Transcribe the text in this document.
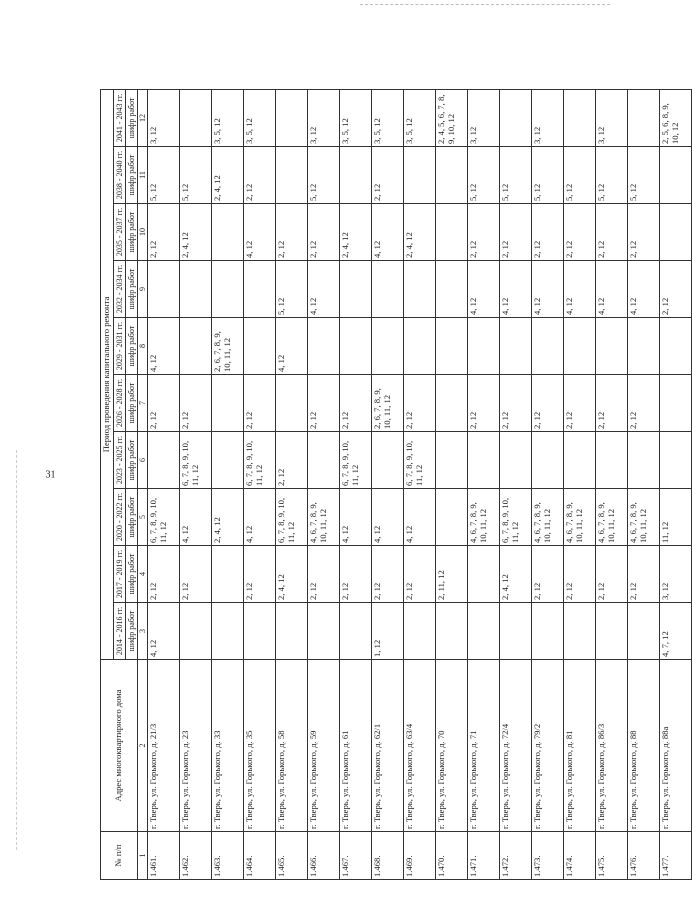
31
№ п/п	Адрес многоквартирного дома	Период проведения капитального ремонта									
		2014 - 2016 гг.	2017 - 2019 гг.	2020 - 2022 гг.	2023 - 2025 гг.	2026 - 2028 гг.	2029 - 2031 гг.	2032 - 2034 гг.	2035 - 2037 гг.	2038 - 2040 гг.	2041 - 2043 гг.
		шифр работ	шифр работ	шифр работ	шифр работ	шифр работ	шифр работ	шифр работ	шифр работ	шифр работ	шифр работ
1	2	3	4	5	6	7	8	9	10	11	12
1.461.	г. Тверь, ул. Горького, д. 21/3	4, 12	2, 12	6, 7, 8, 9, 10, 11, 12		2, 12	4, 12		2, 12	5, 12	3, 12
1.462.	г. Тверь, ул. Горького, д. 23		2, 12	4, 12	6, 7, 8, 9, 10, 11, 12	2, 12			2, 4, 12	5, 12	
1.463.	г. Тверь, ул. Горького, д. 33			2, 4, 12			2, 6, 7, 8, 9, 10, 11, 12			2, 4, 12	3, 5, 12
1.464.	г. Тверь, ул. Горького, д. 35		2, 12	4, 12	6, 7, 8, 9, 10, 11, 12	2, 12			4, 12	2, 12	3, 5, 12
1.465.	г. Тверь, ул. Горького, д. 58		2, 4, 12	6, 7, 8, 9, 10, 11, 12	2, 12		4, 12	5, 12	2, 12		
1.466.	г. Тверь, ул. Горького, д. 59		2, 12	4, 6, 7, 8, 9, 10, 11, 12		2, 12		4, 12	2, 12	5, 12	3, 12
1.467.	г. Тверь, ул. Горького, д. 61		2, 12	4, 12	6, 7, 8, 9, 10, 11, 12	2, 12			2, 4, 12		3, 5, 12
1.468.	г. Тверь, ул. Горького, д. 62/1	1, 12	2, 12	4, 12		2, 6, 7, 8, 9, 10, 11, 12			4, 12	2, 12	3, 5, 12
1.469.	г. Тверь, ул. Горького, д. 63/4		2, 12	4, 12	6, 7, 8, 9, 10, 11, 12	2, 12			2, 4, 12		3, 5, 12
1.470.	г. Тверь, ул. Горького, д. 70		2, 11, 12								2, 4, 5, 6, 7, 8, 9, 10, 12
1.471.	г. Тверь, ул. Горького, д. 71			4, 6, 7, 8, 9, 10, 11, 12		2, 12		4, 12	2, 12	5, 12	3, 12
1.472.	г. Тверь, ул. Горького, д. 72/4		2, 4, 12	6, 7, 8, 9, 10, 11, 12		2, 12		4, 12	2, 12	5, 12	
1.473.	г. Тверь, ул. Горького, д. 79/2		2, 12	4, 6, 7, 8, 9, 10, 11, 12		2, 12		4, 12	2, 12	5, 12	3, 12
1.474.	г. Тверь, ул. Горького, д. 81		2, 12	4, 6, 7, 8, 9, 10, 11, 12		2, 12		4, 12	2, 12	5, 12	
1.475.	г. Тверь, ул. Горького, д. 86/3		2, 12	4, 6, 7, 8, 9, 10, 11, 12		2, 12		4, 12	2, 12	5, 12	3, 12
1.476.	г. Тверь, ул. Горького, д. 88		2, 12	4, 6, 7, 8, 9, 10, 11, 12		2, 12		4, 12	2, 12	5, 12	
1.477.	г. Тверь, ул. Горького, д. 88а	4, 7, 12	3, 12	11, 12				2, 12			2, 5, 6, 8, 9, 10, 12
